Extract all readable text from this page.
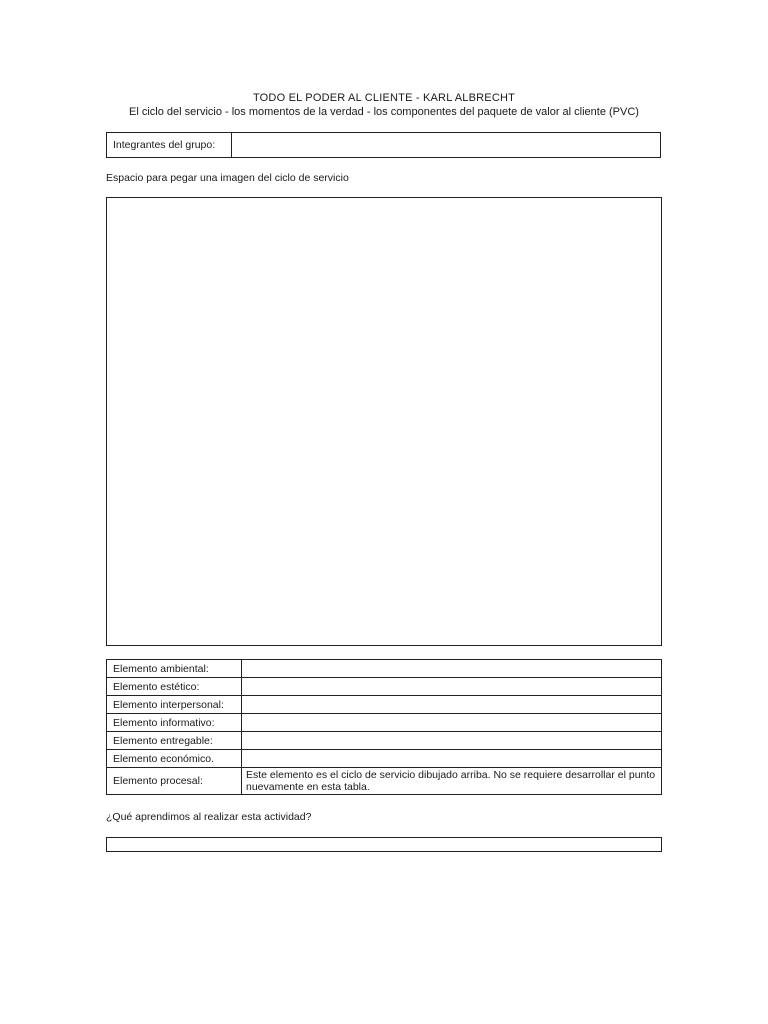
TODO EL PODER AL CLIENTE - KARL ALBRECHT
El ciclo del servicio - los momentos de la verdad - los componentes del paquete de valor al cliente (PVC)
Integrantes del grupo:
Espacio para pegar una imagen del ciclo de servicio
Elemento ambiental:	
Elemento estético:	
Elemento interpersonal:	
Elemento informativo:	
Elemento entregable:	
Elemento económico.	
Elemento procesal:	Este elemento es el ciclo de servicio dibujado arriba. No se requiere desarrollar el punto nuevamente en esta tabla.
¿Qué aprendimos al realizar esta actividad?
